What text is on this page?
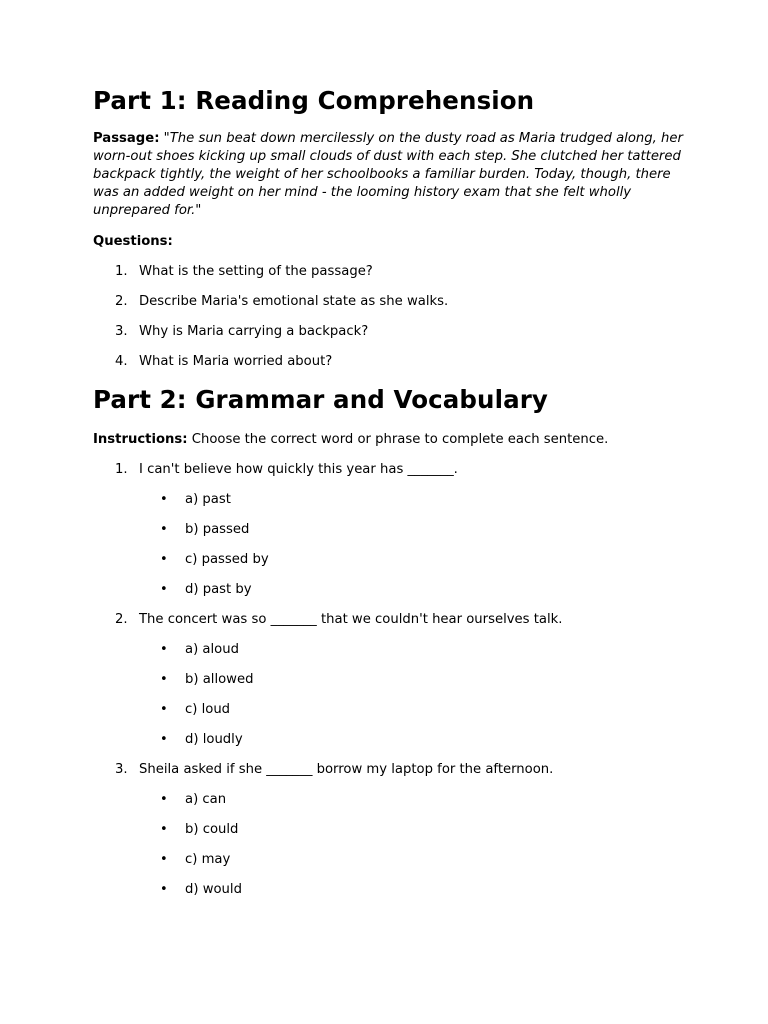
Part 1: Reading Comprehension

Passage: "The sun beat down mercilessly on the dusty road as Maria trudged along, her worn-out shoes kicking up small clouds of dust with each step. She clutched her tattered backpack tightly, the weight of her schoolbooks a familiar burden. Today, though, there was an added weight on her mind - the looming history exam that she felt wholly unprepared for."

Questions:

1. What is the setting of the passage?
2. Describe Maria's emotional state as she walks.
3. Why is Maria carrying a backpack?
4. What is Maria worried about?
Part 2: Grammar and Vocabulary

Instructions: Choose the correct word or phrase to complete each sentence.

1. I can't believe how quickly this year has _______.
• a) past
• b) passed
• c) passed by
• d) past by
2. The concert was so _______ that we couldn't hear ourselves talk.
• a) aloud
• b) allowed
• c) loud
• d) loudly
3. Sheila asked if she _______ borrow my laptop for the afternoon.
• a) can
• b) could
• c) may
• d) would
